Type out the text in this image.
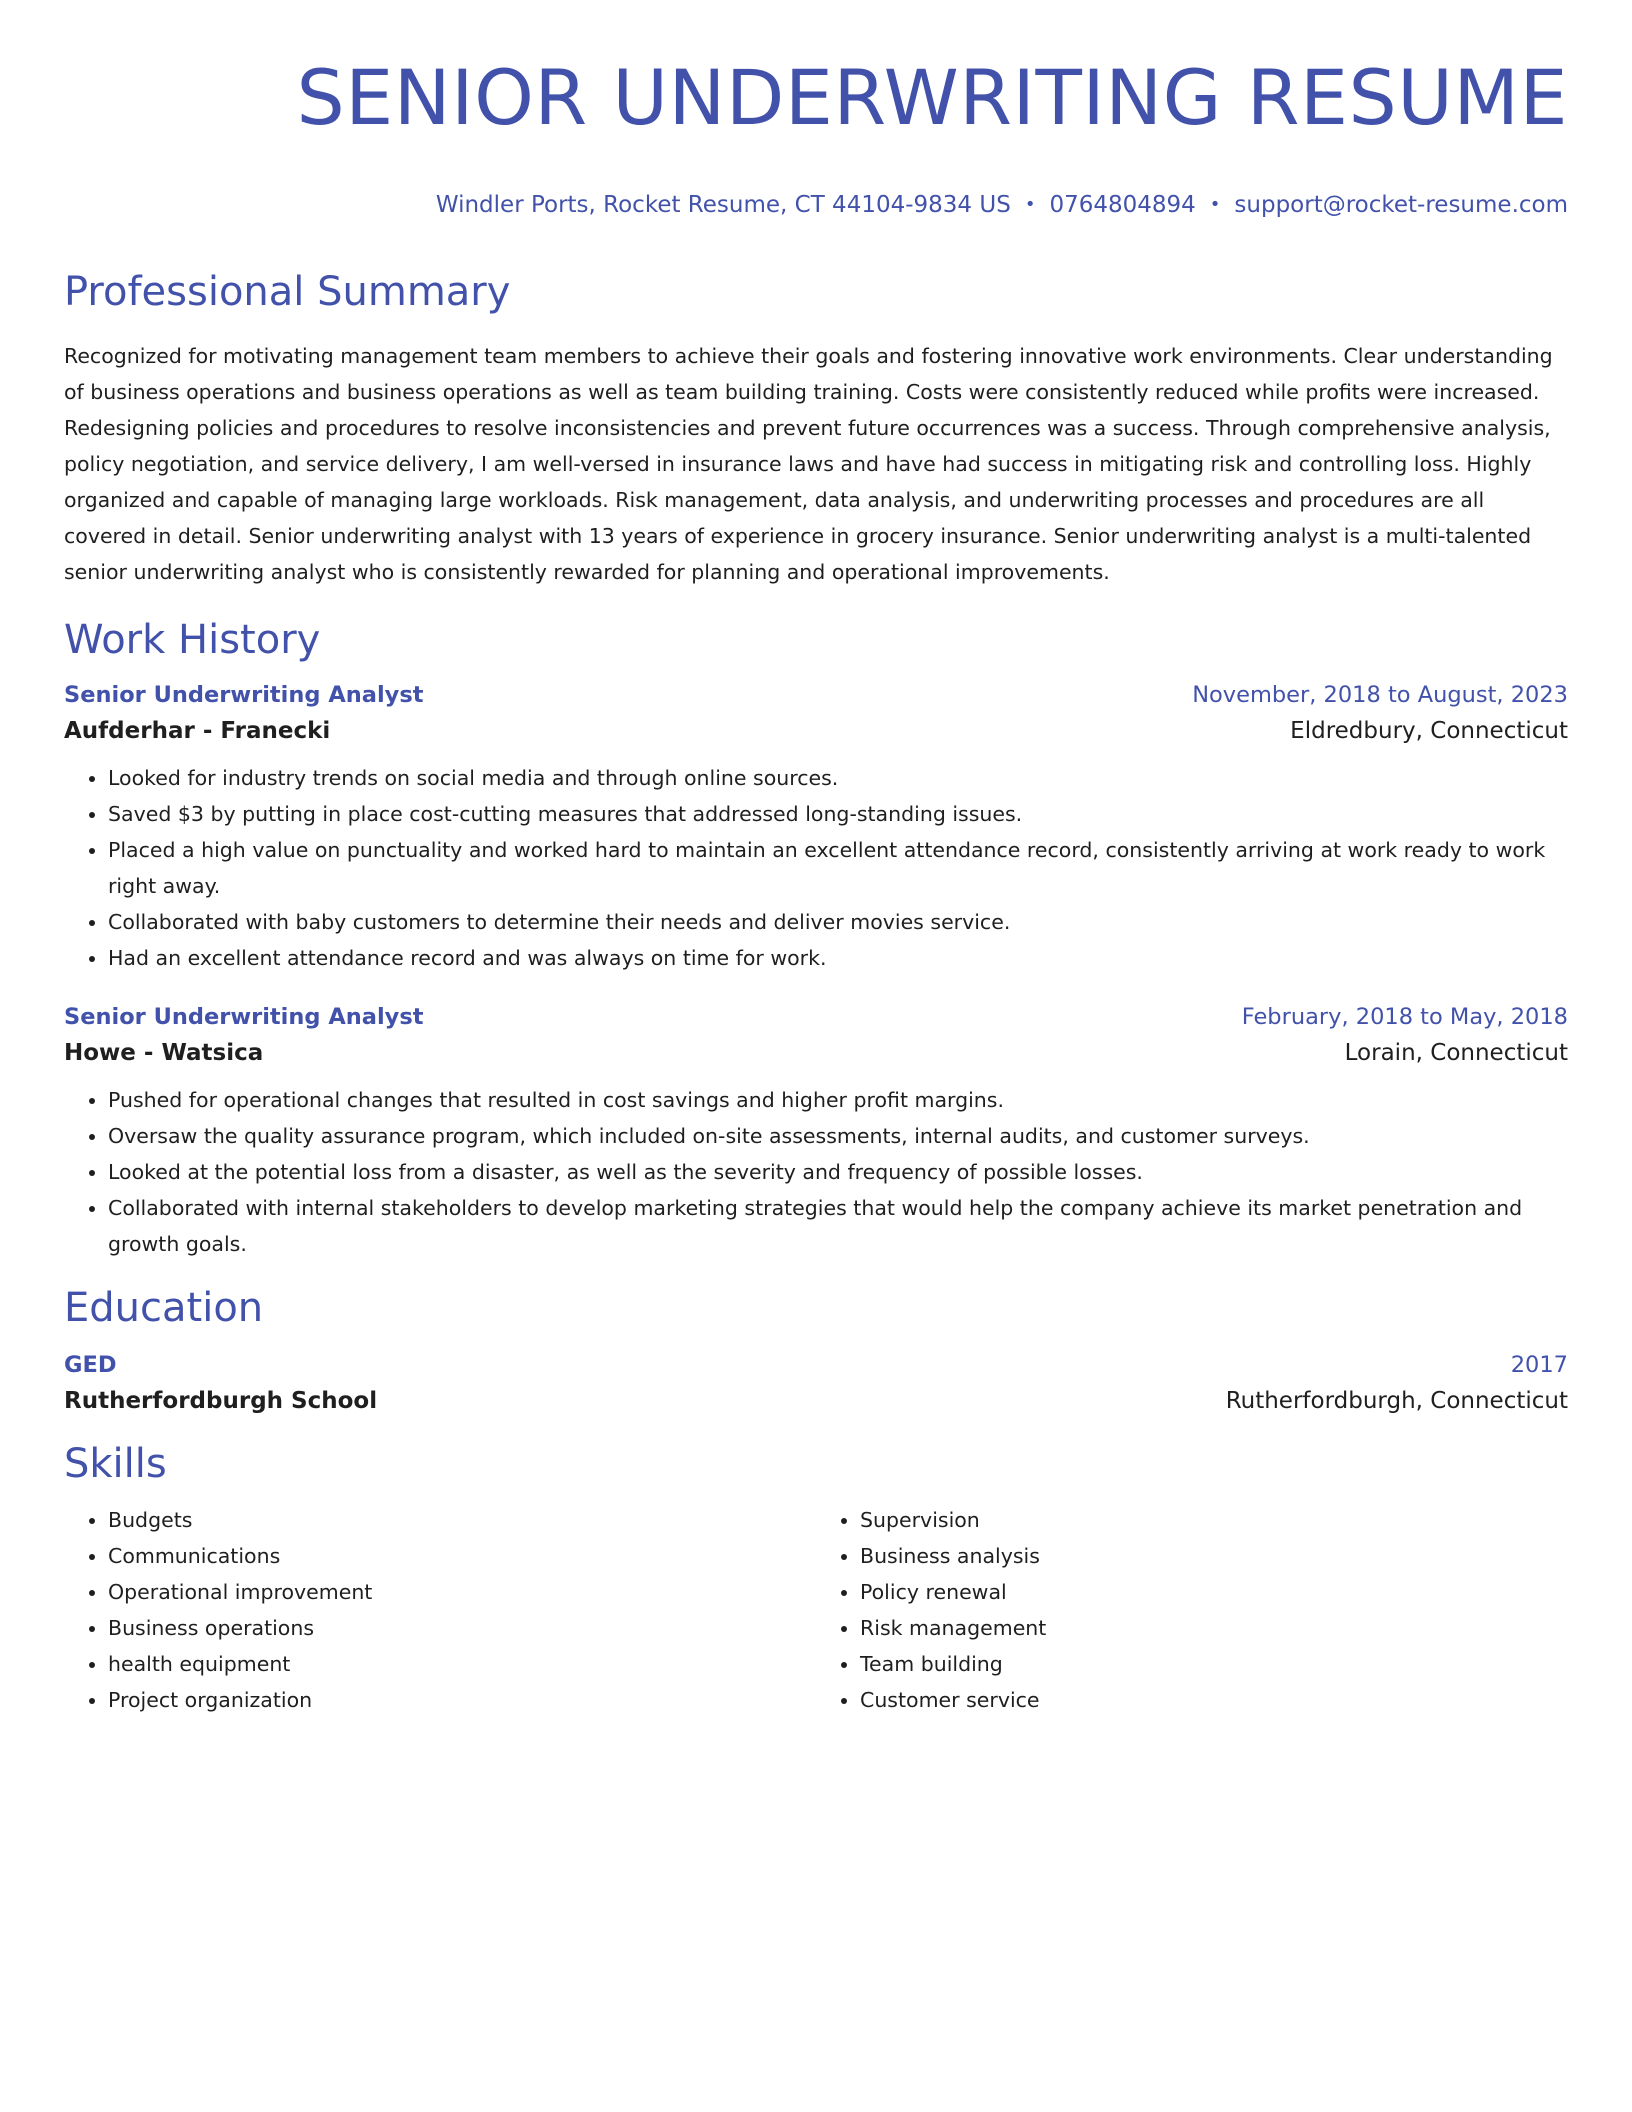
SENIOR UNDERWRITING RESUME
Windler Ports, Rocket Resume, CT 44104-9834 US • 0764804894 • support@rocket-resume.com
Professional Summary
Recognized for motivating management team members to achieve their goals and fostering innovative work environments. Clear understanding of business operations and business operations as well as team building training. Costs were consistently reduced while profits were increased. Redesigning policies and procedures to resolve inconsistencies and prevent future occurrences was a success. Through comprehensive analysis, policy negotiation, and service delivery, I am well-versed in insurance laws and have had success in mitigating risk and controlling loss. Highly organized and capable of managing large workloads. Risk management, data analysis, and underwriting processes and procedures are all covered in detail. Senior underwriting analyst with 13 years of experience in grocery insurance. Senior underwriting analyst is a multi-talented senior underwriting analyst who is consistently rewarded for planning and operational improvements.
Work History
Senior Underwriting Analyst	November, 2018 to August, 2023
Aufderhar - Franecki	Eldredbury, Connecticut
• Looked for industry trends on social media and through online sources.
• Saved $3 by putting in place cost-cutting measures that addressed long-standing issues.
• Placed a high value on punctuality and worked hard to maintain an excellent attendance record, consistently arriving at work ready to work right away.
• Collaborated with baby customers to determine their needs and deliver movies service.
• Had an excellent attendance record and was always on time for work.
Senior Underwriting Analyst	February, 2018 to May, 2018
Howe - Watsica	Lorain, Connecticut
• Pushed for operational changes that resulted in cost savings and higher profit margins.
• Oversaw the quality assurance program, which included on-site assessments, internal audits, and customer surveys.
• Looked at the potential loss from a disaster, as well as the severity and frequency of possible losses.
• Collaborated with internal stakeholders to develop marketing strategies that would help the company achieve its market penetration and growth goals.
Education
GED	2017
Rutherfordburgh School	Rutherfordburgh, Connecticut
Skills
• Budgets
• Communications
• Operational improvement
• Business operations
• health equipment
• Project organization
• Supervision
• Business analysis
• Policy renewal
• Risk management
• Team building
• Customer service
